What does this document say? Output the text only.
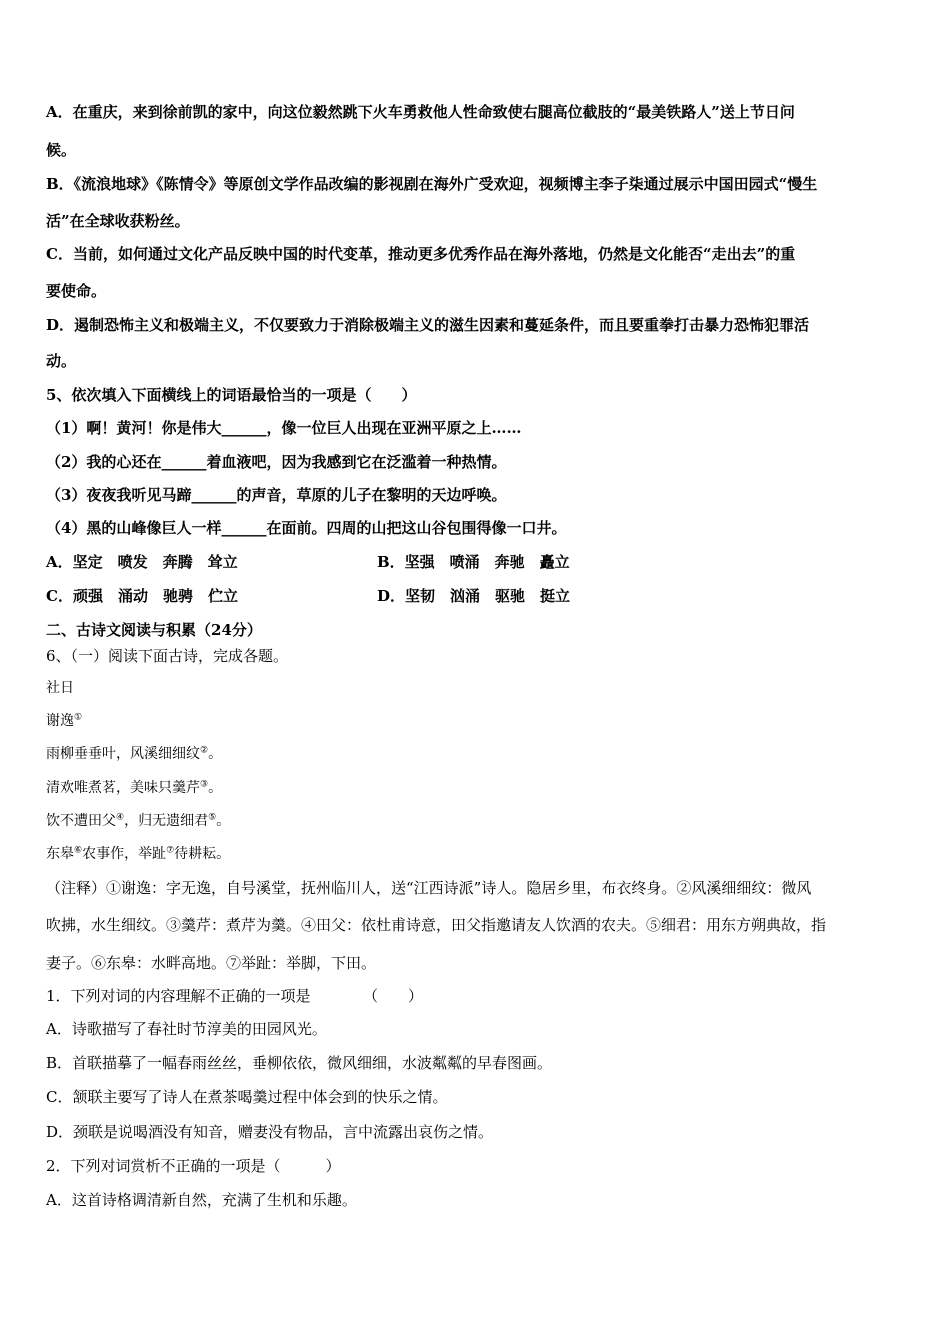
A．在重庆，来到徐前凯的家中，向这位毅然跳下火车勇救他人性命致使右腿高位截肢的“最美铁路人”送上节日问
候。
B．《流浪地球》《陈情令》等原创文学作品改编的影视剧在海外广受欢迎，视频博主李子柒通过展示中国田园式“慢生
活”在全球收获粉丝。
C．当前，如何通过文化产品反映中国的时代变革，推动更多优秀作品在海外落地，仍然是文化能否“走出去”的重
要使命。
D．遏制恐怖主义和极端主义，不仅要致力于消除极端主义的滋生因素和蔓延条件，而且要重拳打击暴力恐怖犯罪活
动。
5、依次填入下面横线上的词语最恰当的一项是（　　）
（1）啊！黄河！你是伟大______，像一位巨人出现在亚洲平原之上……
（2）我的心还在______着血液吧，因为我感到它在泛滥着一种热情。
（3）夜夜我听见马蹄______的声音，草原的儿子在黎明的天边呼唤。
（4）黑的山峰像巨人一样______在面前。四周的山把这山谷包围得像一口井。
A．坚定　喷发　奔腾　耸立	B．坚强　喷涌　奔驰　矗立
C．顽强　涌动　驰骋　伫立	D．坚韧　汹涌　驱驰　挺立
二、古诗文阅读与积累（24分）
6、（一）阅读下面古诗，完成各题。
社日
谢逸①
雨柳垂垂叶，风溪细细纹②。
清欢唯煮茗，美味只羹芹③。
饮不遭田父④，归无遗细君⑤。
东皋⑥农事作，举趾⑦待耕耘。
（注释）①谢逸：字无逸，自号溪堂，抚州临川人，送“江西诗派”诗人。隐居乡里，布衣终身。②风溪细细纹：微风
吹拂，水生细纹。③羹芹：煮芹为羹。④田父：依杜甫诗意，田父指邀请友人饮酒的农夫。⑤细君：用东方朔典故，指
妻子。⑥东皋：水畔高地。⑦举趾：举脚，下田。
1．下列对词的内容理解不正确的一项是　　　　（　　）
A．诗歌描写了春社时节淳美的田园风光。
B．首联描摹了一幅春雨丝丝，垂柳依依，微风细细，水波粼粼的早春图画。
C．颔联主要写了诗人在煮茶喝羹过程中体会到的快乐之情。
D．颈联是说喝酒没有知音，赠妻没有物品，言中流露出哀伤之情。
2．下列对词赏析不正确的一项是（　　　）
A．这首诗格调清新自然，充满了生机和乐趣。
